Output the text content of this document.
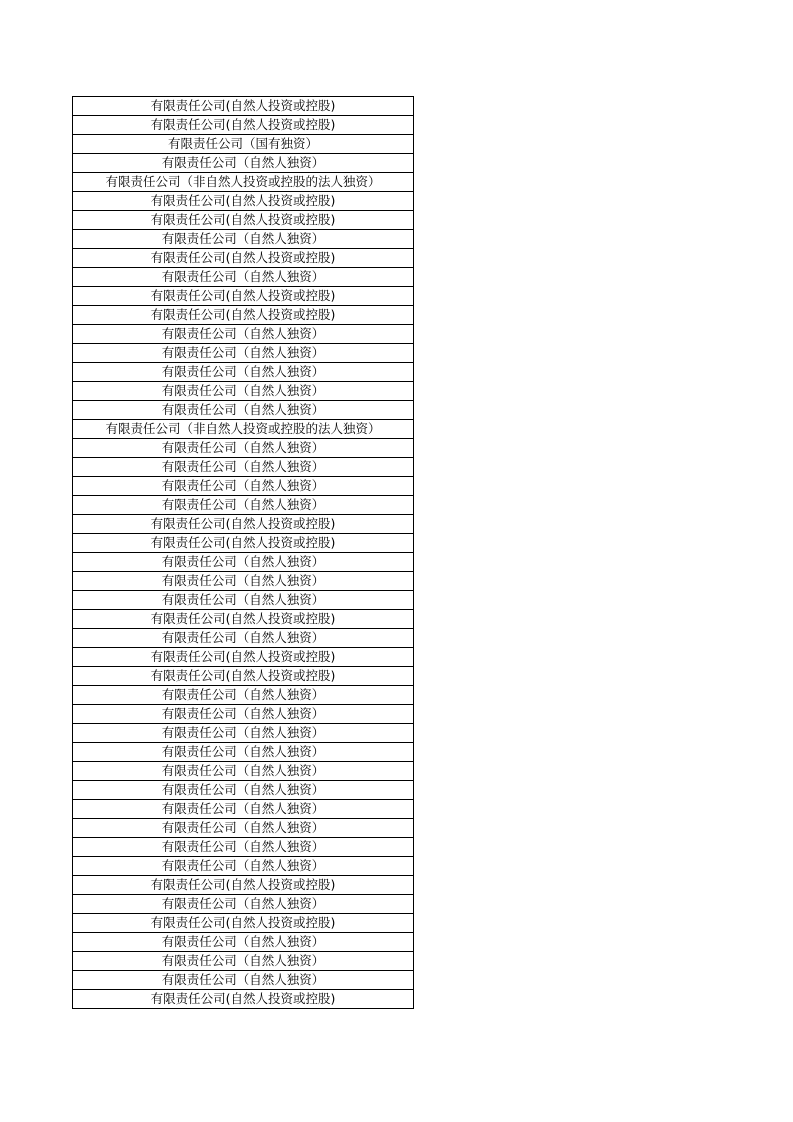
有限责任公司(自然人投资或控股)
有限责任公司(自然人投资或控股)
有限责任公司（国有独资）
有限责任公司（自然人独资）
有限责任公司（非自然人投资或控股的法人独资）
有限责任公司(自然人投资或控股)
有限责任公司(自然人投资或控股)
有限责任公司（自然人独资）
有限责任公司(自然人投资或控股)
有限责任公司（自然人独资）
有限责任公司(自然人投资或控股)
有限责任公司(自然人投资或控股)
有限责任公司（自然人独资）
有限责任公司（自然人独资）
有限责任公司（自然人独资）
有限责任公司（自然人独资）
有限责任公司（自然人独资）
有限责任公司（非自然人投资或控股的法人独资）
有限责任公司（自然人独资）
有限责任公司（自然人独资）
有限责任公司（自然人独资）
有限责任公司（自然人独资）
有限责任公司(自然人投资或控股)
有限责任公司(自然人投资或控股)
有限责任公司（自然人独资）
有限责任公司（自然人独资）
有限责任公司（自然人独资）
有限责任公司(自然人投资或控股)
有限责任公司（自然人独资）
有限责任公司(自然人投资或控股)
有限责任公司(自然人投资或控股)
有限责任公司（自然人独资）
有限责任公司（自然人独资）
有限责任公司（自然人独资）
有限责任公司（自然人独资）
有限责任公司（自然人独资）
有限责任公司（自然人独资）
有限责任公司（自然人独资）
有限责任公司（自然人独资）
有限责任公司（自然人独资）
有限责任公司（自然人独资）
有限责任公司(自然人投资或控股)
有限责任公司（自然人独资）
有限责任公司(自然人投资或控股)
有限责任公司（自然人独资）
有限责任公司（自然人独资）
有限责任公司（自然人独资）
有限责任公司(自然人投资或控股)
